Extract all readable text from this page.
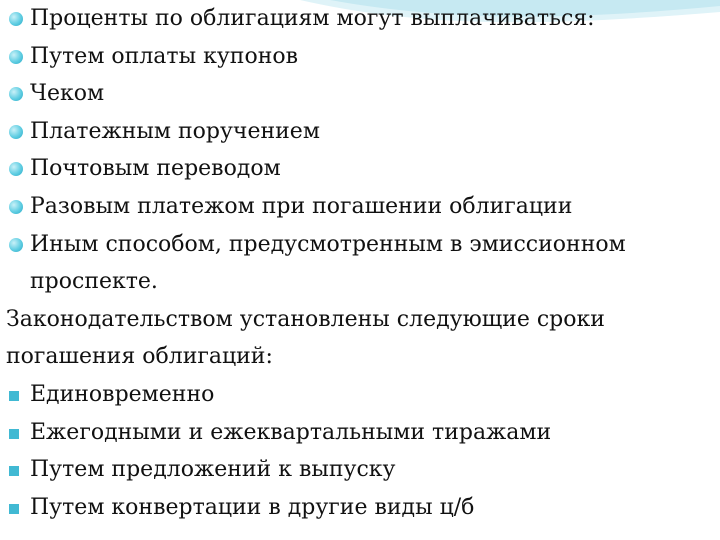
Проценты по облигациям могут выплачиваться:
Путем оплаты купонов
Чеком
Платежным поручением
Почтовым переводом
Разовым платежом при погашении облигации
Иным способом, предусмотренным в эмиссионном проспекте.
Законодательством установлены следующие сроки погашения облигаций:
Единовременно
Ежегодными и ежеквартальными тиражами
Путем предложений к выпуску
Путем конвертации в другие виды ц/б
